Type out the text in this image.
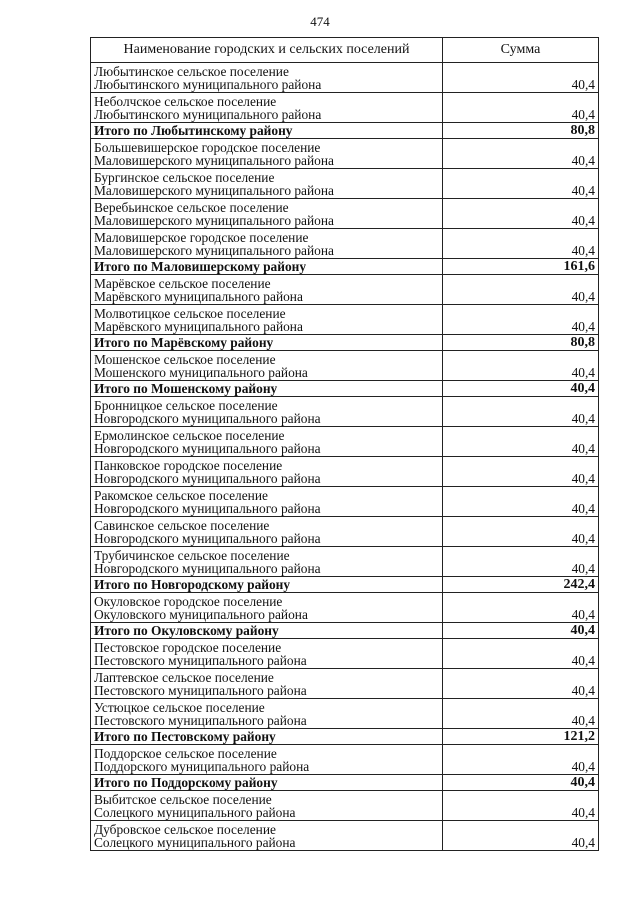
474
Наименование городских и сельских поселений	Сумма

Любытинское сельское поселение
Любытинского муниципального района	40,4

Неболчское сельское поселение
Любытинского муниципального района	40,4

Итого по Любытинскому району	80,8

Большевишерское городское поселение
Маловишерского муниципального района	40,4

Бургинское сельское поселение
Маловишерского муниципального района	40,4

Веребьинское сельское поселение
Маловишерского муниципального района	40,4

Маловишерское городское поселение
Маловишерского муниципального района	40,4

Итого по Маловишерскому району	161,6

Марёвское сельское поселение
Марёвского муниципального района	40,4

Молвотицкое сельское поселение
Марёвского муниципального района	40,4

Итого по Марёвскому району	80,8

Мошенское сельское поселение
Мошенского муниципального района	40,4

Итого по Мошенскому району	40,4

Бронницкое сельское поселение
Новгородского муниципального района	40,4

Ермолинское сельское поселение
Новгородского муниципального района	40,4

Панковское городское поселение
Новгородского муниципального района	40,4

Ракомское сельское поселение
Новгородского муниципального района	40,4

Савинское сельское поселение
Новгородского муниципального района	40,4

Трубичинское сельское поселение
Новгородского муниципального района	40,4

Итого по Новгородскому району	242,4

Окуловское городское поселение
Окуловского муниципального района	40,4

Итого по Окуловскому району	40,4

Пестовское городское поселение
Пестовского муниципального района	40,4

Лаптевское сельское поселение
Пестовского муниципального района	40,4

Устюцкое сельское поселение
Пестовского муниципального района	40,4

Итого по Пестовскому району	121,2

Поддорское сельское поселение
Поддорского муниципального района	40,4

Итого по Поддорскому району	40,4

Выбитское сельское поселение
Солецкого муниципального района	40,4

Дубровское сельское поселение
Солецкого муниципального района	40,4
